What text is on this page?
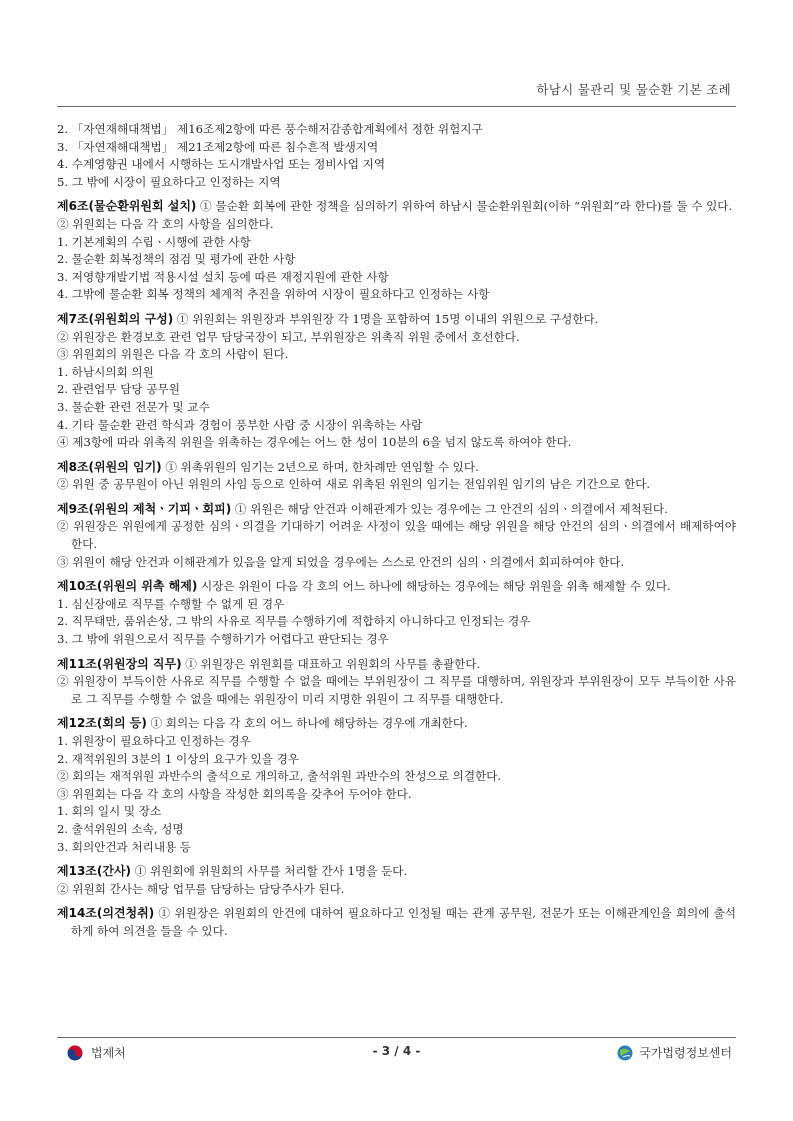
하남시 물관리 및 물순환 기본 조례

2. 「자연재해대책법」 제16조제2항에 따른 풍수해저감종합계획에서 정한 위험지구

3. 「자연재해대책법」 제21조제2항에 따른 침수흔적 발생지역

4. 수계영향권 내에서 시행하는 도시개발사업 또는 정비사업 지역

5. 그 밖에 시장이 필요하다고 인정하는 지역

제6조(물순환위원회 설치) ① 물순환 회복에 관한 정책을 심의하기 위하여 하남시 물순환위원회(이하 “위원회”라 한다)를 둘 수 있다.

② 위원회는 다음 각 호의 사항을 심의한다.

1. 기본계획의 수립ㆍ시행에 관한 사항

2. 물순환 회복정책의 점검 및 평가에 관한 사항

3. 저영향개발기법 적용시설 설치 등에 따른 재정지원에 관한 사항

4. 그밖에 물순환 회복 정책의 체계적 추진을 위하여 시장이 필요하다고 인정하는 사항

제7조(위원회의 구성) ① 위원회는 위원장과 부위원장 각 1명을 포함하여 15명 이내의 위원으로 구성한다.

② 위원장은 환경보호 관련 업무 담당국장이 되고, 부위원장은 위촉직 위원 중에서 호선한다.

③ 위원회의 위원은 다음 각 호의 사람이 된다.

1. 하남시의회 의원

2. 관련업무 담당 공무원

3. 물순환 관련 전문가 및 교수

4. 기타 물순환 관련 학식과 경험이 풍부한 사람 중 시장이 위촉하는 사람

④ 제3항에 따라 위촉직 위원을 위촉하는 경우에는 어느 한 성이 10분의 6을 넘지 않도록 하여야 한다.

제8조(위원의 임기) ① 위촉위원의 임기는 2년으로 하며, 한차례만 연임할 수 있다.

② 위원 중 공무원이 아닌 위원의 사임 등으로 인하여 새로 위촉된 위원의 임기는 전임위원 임기의 남은 기간으로 한다.

제9조(위원의 제척ㆍ기피ㆍ회피) ① 위원은 해당 안건과 이해관계가 있는 경우에는 그 안건의 심의ㆍ의결에서 제척된다.

② 위원장은 위원에게 공정한 심의ㆍ의결을 기대하기 어려운 사정이 있을 때에는 해당 위원을 해당 안건의 심의ㆍ의결에서 배제하여야 한다.

③ 위원이 해당 안건과 이해관계가 있음을 알게 되었을 경우에는 스스로 안건의 심의ㆍ의결에서 회피하여야 한다.

제10조(위원의 위촉 해제) 시장은 위원이 다음 각 호의 어느 하나에 해당하는 경우에는 해당 위원을 위촉 해제할 수 있다.

1. 심신장애로 직무를 수행할 수 없게 된 경우

2. 직무태만, 품위손상, 그 밖의 사유로 직무를 수행하기에 적합하지 아니하다고 인정되는 경우

3. 그 밖에 위원으로서 직무를 수행하기가 어렵다고 판단되는 경우

제11조(위원장의 직무) ① 위원장은 위원회를 대표하고 위원회의 사무를 총괄한다.

② 위원장이 부득이한 사유로 직무를 수행할 수 없을 때에는 부위원장이 그 직무를 대행하며, 위원장과 부위원장이 모두 부득이한 사유로 그 직무를 수행할 수 없을 때에는 위원장이 미리 지명한 위원이 그 직무를 대행한다.

제12조(회의 등) ① 회의는 다음 각 호의 어느 하나에 해당하는 경우에 개최한다.

1. 위원장이 필요하다고 인정하는 경우

2. 재적위원의 3분의 1 이상의 요구가 있을 경우

② 회의는 재적위원 과반수의 출석으로 개의하고, 출석위원 과반수의 찬성으로 의결한다.

③ 위원회는 다음 각 호의 사항을 작성한 회의록을 갖추어 두어야 한다.

1. 회의 일시 및 장소

2. 출석위원의 소속, 성명

3. 회의안건과 처리내용 등

제13조(간사) ① 위원회에 위원회의 사무를 처리할 간사 1명을 둔다.

② 위원회 간사는 해당 업무를 담당하는 담당주사가 된다.

제14조(의견청취) ① 위원장은 위원회의 안건에 대하여 필요하다고 인정될 때는 관계 공무원, 전문가 또는 이해관계인을 회의에 출석하게 하여 의견을 들을 수 있다.

법제처	- 3 / 4 -	국가법령정보센터
